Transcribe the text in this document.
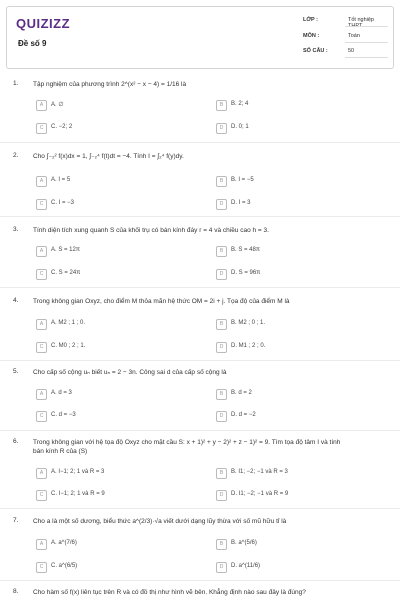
QUIZIZZ
Đề số 9
LỚP :	Tốt nghiệp THPT
MÔN :	Toán
SỐ CÂU :	50
1. Tập nghiệm của phương trình 2^(x² − x − 4) = 1/16 là
A	A. ∅	B	B. 2; 4
C	C. −2; 2	D	D. 0; 1
2. Cho ∫₋₂² f(x)dx = 1, ∫₋₂⁴ f(t)dt = −4. Tính I = ∫₂⁴ f(y)dy.
A	A. I = 5	B	B. I = −5
C	C. I = −3	D	D. I = 3
3. Tính diện tích xung quanh S của khối trụ có bán kính đáy r = 4 và chiều cao h = 3.
A	A. S = 12π	B	B. S = 48π
C	C. S = 24π	D	D. S = 96π
4. Trong không gian Oxyz, cho điểm M thỏa mãn hệ thức OM = 2i + j. Tọa độ của điểm M là
A	A. M2 ; 1 ; 0.	B	B. M2 ; 0 ; 1.
C	C. M0 ; 2 ; 1.	D	D. M1 ; 2 ; 0.
5. Cho cấp số cộng uₙ biết uₙ = 2 − 3n. Công sai d của cấp số cộng là
A	A. d = 3	B	B. d = 2
C	C. d = −3	D	D. d = −2
6. Trong không gian với hệ tọa độ Oxyz cho mặt cầu S: x + 1)² + y − 2)² + z − 1)² = 9. Tìm tọa độ tâm I và tính bán kính R của (S)
A	A. I−1; 2; 1 và R = 3	B	B. I1; −2; −1 và R = 3
C	C. I−1; 2; 1 và R = 9	D	D. I1; −2; −1 và R = 9
7. Cho a là một số dương, biểu thức a^(2/3)·√a viết dưới dạng lũy thừa với số mũ hữu tỉ là
A	A. a^(7/6)	B	B. a^(5/6)
C	C. a^(6/5)	D	D. a^(11/6)
8. Cho hàm số f(x) liên tục trên R và có đồ thị như hình vẽ bên. Khẳng định nào sau đây là đúng?
